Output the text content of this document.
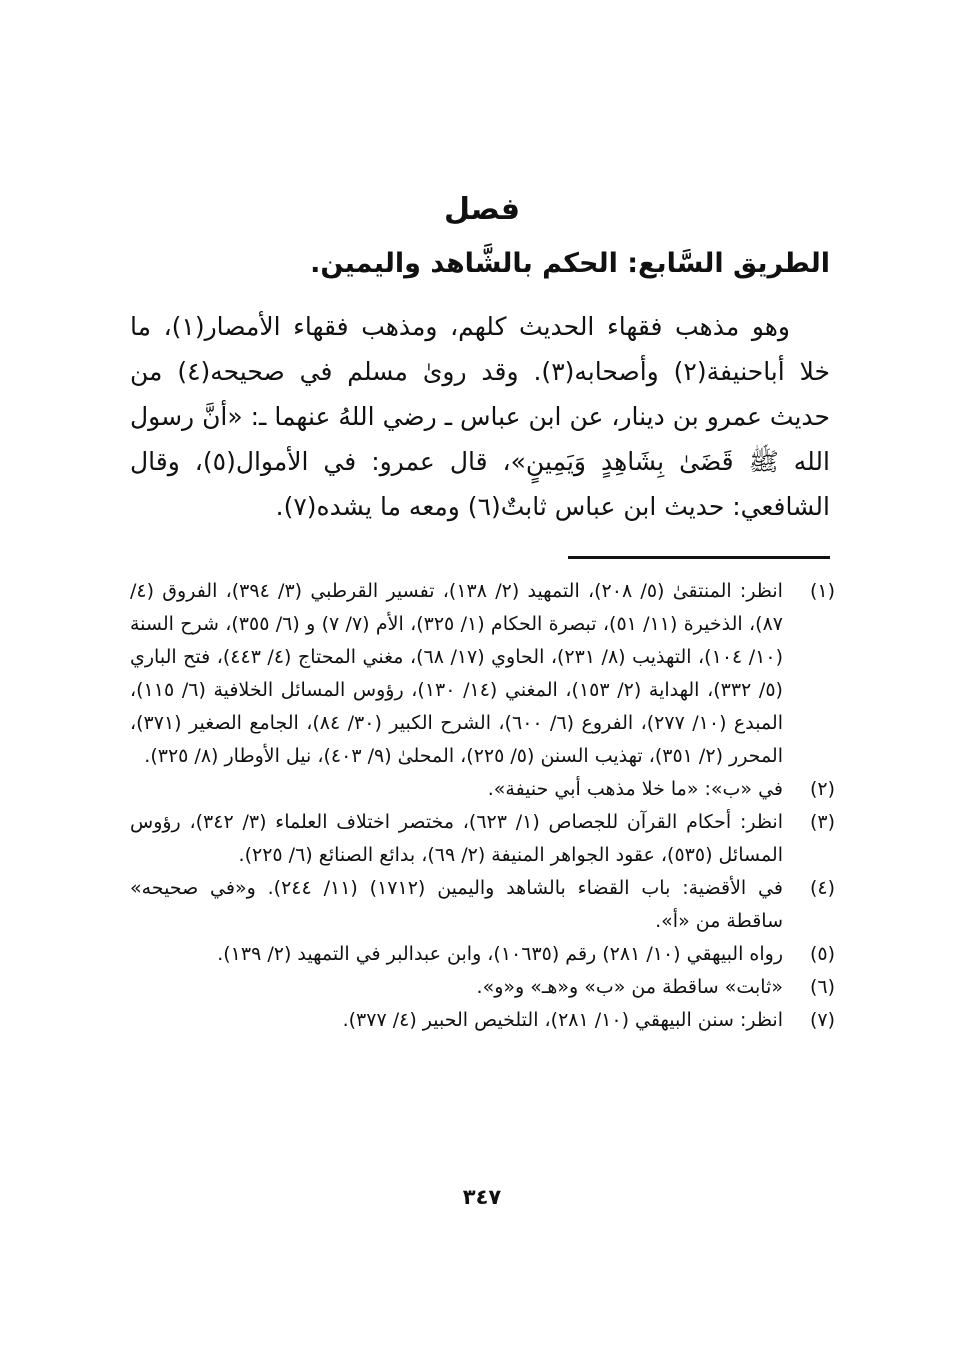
فصل
الطريق السَّابع: الحكم بالشَّاهد واليمين.

وهو مذهب فقهاء الحديث كلهم، ومذهب فقهاء الأمصار(١)، ما خلا أباحنيفة(٢) وأصحابه(٣). وقد روىٰ مسلم في صحيحه(٤) من حديث عمرو بن دينار، عن ابن عباس ـ رضي اللهُ عنهما ـ: «أنَّ رسول الله ﷺ قَضَىٰ بِشَاهِدٍ وَيَمِينٍ»، قال عمرو: في الأموال(٥)، وقال الشافعي: حديث ابن عباس ثابتٌ(٦) ومعه ما يشده(٧).

(١)
انظر: المنتقىٰ (٥/ ٢٠٨)، التمهيد (٢/ ١٣٨)، تفسير القرطبي (٣/ ٣٩٤)، الفروق (٤/ ٨٧)، الذخيرة (١١/ ٥١)، تبصرة الحكام (١/ ٣٢٥)، الأم (٧/ ٧) و (٦/ ٣٥٥)، شرح السنة (١٠/ ١٠٤)، التهذيب (٨/ ٢٣١)، الحاوي (١٧/ ٦٨)، مغني المحتاج (٤/ ٤٤٣)، فتح الباري (٥/ ٣٣٢)، الهداية (٢/ ١٥٣)، المغني (١٤/ ١٣٠)، رؤوس المسائل الخلافية (٦/ ١١٥)، المبدع (١٠/ ٢٧٧)، الفروع (٦/ ٦٠٠)، الشرح الكبير (٣٠/ ٨٤)، الجامع الصغير (٣٧١)، المحرر (٢/ ٣٥١)، تهذيب السنن (٥/ ٢٢٥)، المحلىٰ (٩/ ٤٠٣)، نيل الأوطار (٨/ ٣٢٥).
(٢)
في «ب»: «ما خلا مذهب أبي حنيفة».
(٣)
انظر: أحكام القرآن للجصاص (١/ ٦٢٣)، مختصر اختلاف العلماء (٣/ ٣٤٢)، رؤوس المسائل (٥٣٥)، عقود الجواهر المنيفة (٢/ ٦٩)، بدائع الصنائع (٦/ ٢٢٥).
(٤)
في الأقضية: باب القضاء بالشاهد واليمين (١٧١٢) (١١/ ٢٤٤). و«في صحيحه» ساقطة من «أ».
(٥)
رواه البيهقي (١٠/ ٢٨١) رقم (١٠٦٣٥)، وابن عبدالبر في التمهيد (٢/ ١٣٩).
(٦)
«ثابت» ساقطة من «ب» و«هـ» و«و».
(٧)
انظر: سنن البيهقي (١٠/ ٢٨١)، التلخيص الحبير (٤/ ٣٧٧).
٣٤٧
